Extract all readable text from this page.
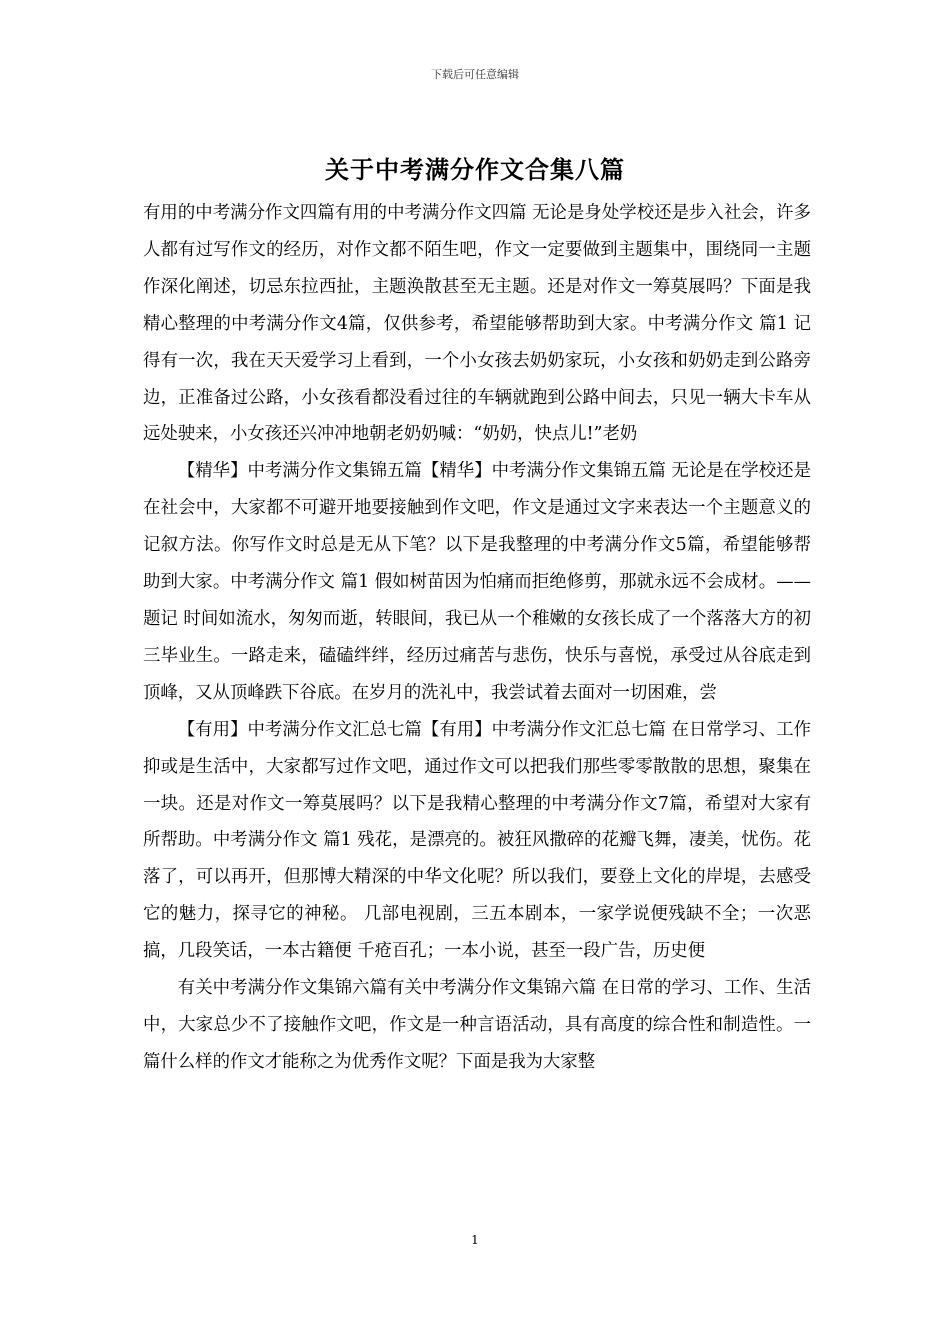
下载后可任意编辑
关于中考满分作文合集八篇

有用的中考满分作文四篇有用的中考满分作文四篇 无论是身处学校还是步入社会，许多人都有过写作文的经历，对作文都不陌生吧，作文一定要做到主题集中，围绕同一主题作深化阐述，切忌东拉西扯，主题涣散甚至无主题。还是对作文一筹莫展吗？下面是我精心整理的中考满分作文4篇，仅供参考，希望能够帮助到大家。中考满分作文 篇1 记得有一次，我在天天爱学习上看到，一个小女孩去奶奶家玩，小女孩和奶奶走到公路旁边，正准备过公路，小女孩看都没看过往的车辆就跑到公路中间去，只见一辆大卡车从远处驶来，小女孩还兴冲冲地朝老奶奶喊：“奶奶，快点儿!”老奶

【精华】中考满分作文集锦五篇【精华】中考满分作文集锦五篇 无论是在学校还是在社会中，大家都不可避开地要接触到作文吧，作文是通过文字来表达一个主题意义的记叙方法。你写作文时总是无从下笔？以下是我整理的中考满分作文5篇，希望能够帮助到大家。中考满分作文 篇1 假如树苗因为怕痛而拒绝修剪，那就永远不会成材。——题记 时间如流水，匆匆而逝，转眼间，我已从一个稚嫩的女孩长成了一个落落大方的初三毕业生。一路走来，磕磕绊绊，经历过痛苦与悲伤，快乐与喜悦，承受过从谷底走到顶峰，又从顶峰跌下谷底。在岁月的洗礼中，我尝试着去面对一切困难，尝

【有用】中考满分作文汇总七篇【有用】中考满分作文汇总七篇 在日常学习、工作抑或是生活中，大家都写过作文吧，通过作文可以把我们那些零零散散的思想，聚集在一块。还是对作文一筹莫展吗？以下是我精心整理的中考满分作文7篇，希望对大家有所帮助。中考满分作文 篇1 残花，是漂亮的。被狂风撒碎的花瓣飞舞，凄美，忧伤。花落了，可以再开，但那博大精深的中华文化呢？所以我们，要登上文化的岸堤，去感受它的魅力，探寻它的神秘。 几部电视剧，三五本剧本，一家学说便残缺不全；一次恶搞，几段笑话，一本古籍便 千疮百孔；一本小说，甚至一段广告，历史便

有关中考满分作文集锦六篇有关中考满分作文集锦六篇 在日常的学习、工作、生活中，大家总少不了接触作文吧，作文是一种言语活动，具有高度的综合性和制造性。一篇什么样的作文才能称之为优秀作文呢？下面是我为大家整

1
